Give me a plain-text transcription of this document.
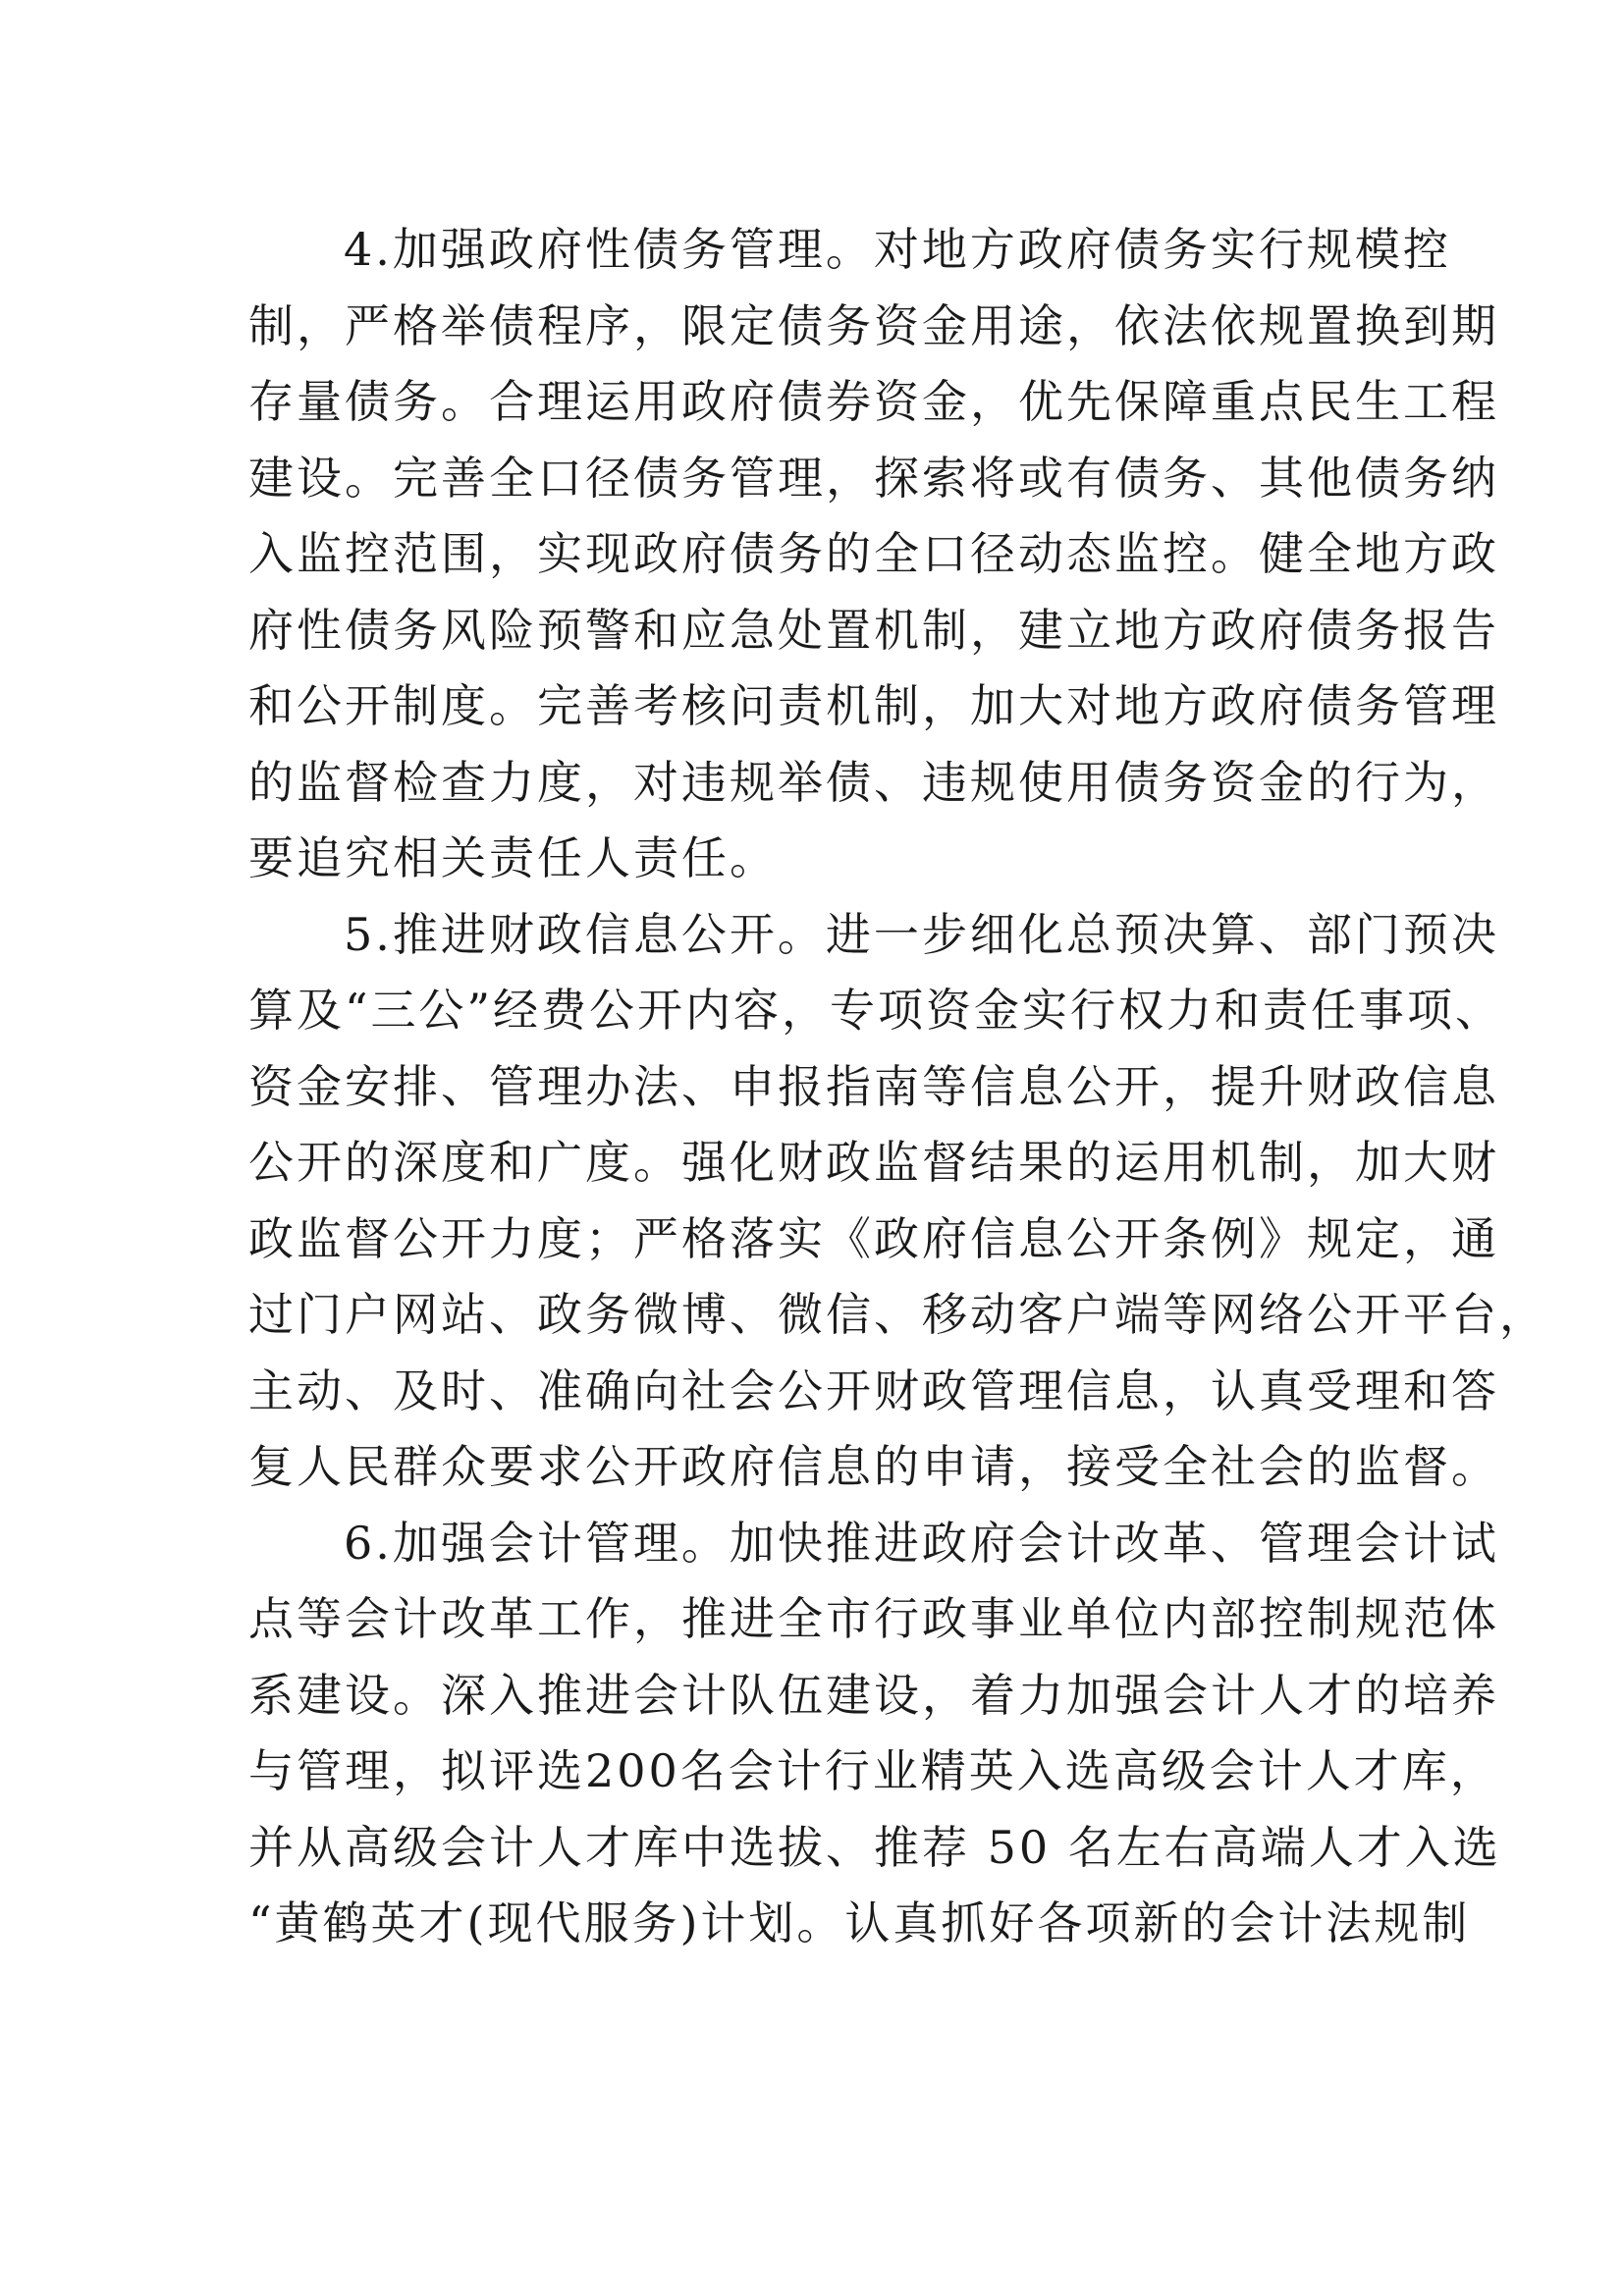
4.加强政府性债务管理。对地方政府债务实行规模控
制，严格举债程序，限定债务资金用途，依法依规置换到期
存量债务。合理运用政府债券资金，优先保障重点民生工程
建设。完善全口径债务管理，探索将或有债务、其他债务纳
入监控范围，实现政府债务的全口径动态监控。健全地方政
府性债务风险预警和应急处置机制，建立地方政府债务报告
和公开制度。完善考核问责机制，加大对地方政府债务管理
的监督检查力度，对违规举债、违规使用债务资金的行为，
要追究相关责任人责任。
5.推进财政信息公开。进一步细化总预决算、部门预决
算及“三公”经费公开内容，专项资金实行权力和责任事项、
资金安排、管理办法、申报指南等信息公开，提升财政信息
公开的深度和广度。强化财政监督结果的运用机制，加大财
政监督公开力度；严格落实《政府信息公开条例》规定，通
过门户网站、政务微博、微信、移动客户端等网络公开平台，
主动、及时、准确向社会公开财政管理信息，认真受理和答
复人民群众要求公开政府信息的申请，接受全社会的监督。
6.加强会计管理。加快推进政府会计改革、管理会计试
点等会计改革工作，推进全市行政事业单位内部控制规范体
系建设。深入推进会计队伍建设，着力加强会计人才的培养
与管理，拟评选200名会计行业精英入选高级会计人才库，
并从高级会计人才库中选拔、推荐 50 名左右高端人才入选
“黄鹤英才(现代服务)计划。认真抓好各项新的会计法规制
